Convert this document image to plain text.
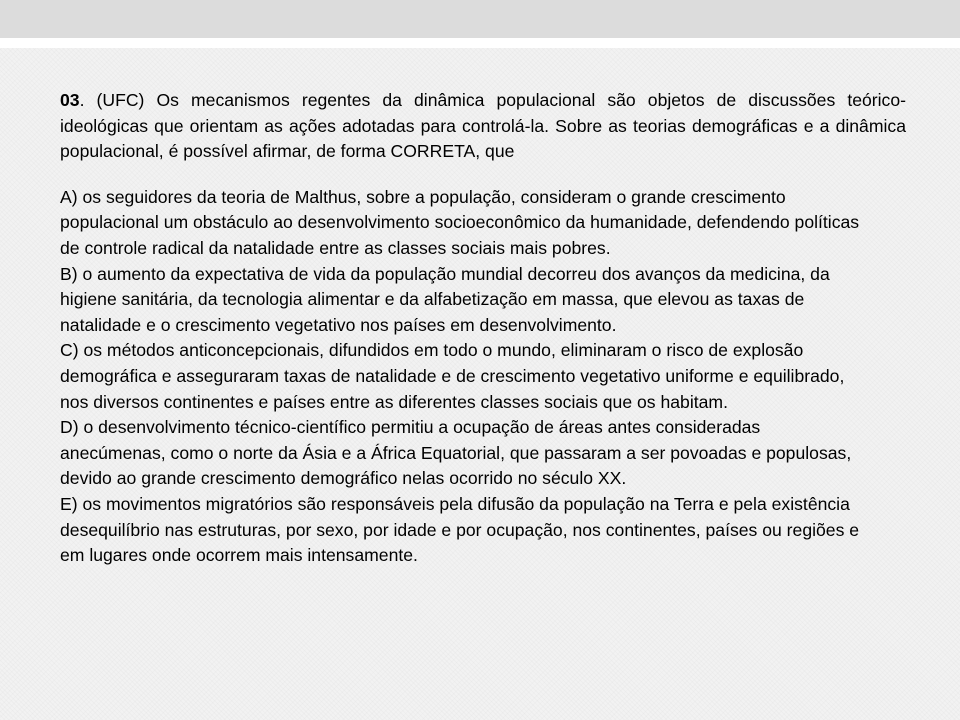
03. (UFC) Os mecanismos regentes da dinâmica populacional são objetos de discussões teórico-ideológicas que orientam as ações adotadas para controlá-la. Sobre as teorias demográficas e a dinâmica populacional, é possível afirmar, de forma CORRETA, que

A) os seguidores da teoria de Malthus, sobre a população, consideram o grande crescimento populacional um obstáculo ao desenvolvimento socioeconômico da humanidade, defendendo políticas de controle radical da natalidade entre as classes sociais mais pobres.
B) o aumento da expectativa de vida da população mundial decorreu dos avanços da medicina, da higiene sanitária, da tecnologia alimentar e da alfabetização em massa, que elevou as taxas de natalidade e o crescimento vegetativo nos países em desenvolvimento.
C) os métodos anticoncepcionais, difundidos em todo o mundo, eliminaram o risco de explosão demográfica e asseguraram taxas de natalidade e de crescimento vegetativo uniforme e equilibrado, nos diversos continentes e países entre as diferentes classes sociais que os habitam.
D) o desenvolvimento técnico-científico permitiu a ocupação de áreas antes consideradas anecúmenas, como o norte da Ásia e a África Equatorial, que passaram a ser povoadas e populosas, devido ao grande crescimento demográfico nelas ocorrido no século XX.
E) os movimentos migratórios são responsáveis pela difusão da população na Terra e pela existência desequilíbrio nas estruturas, por sexo, por idade e por ocupação, nos continentes, países ou regiões e em lugares onde ocorrem mais intensamente.
